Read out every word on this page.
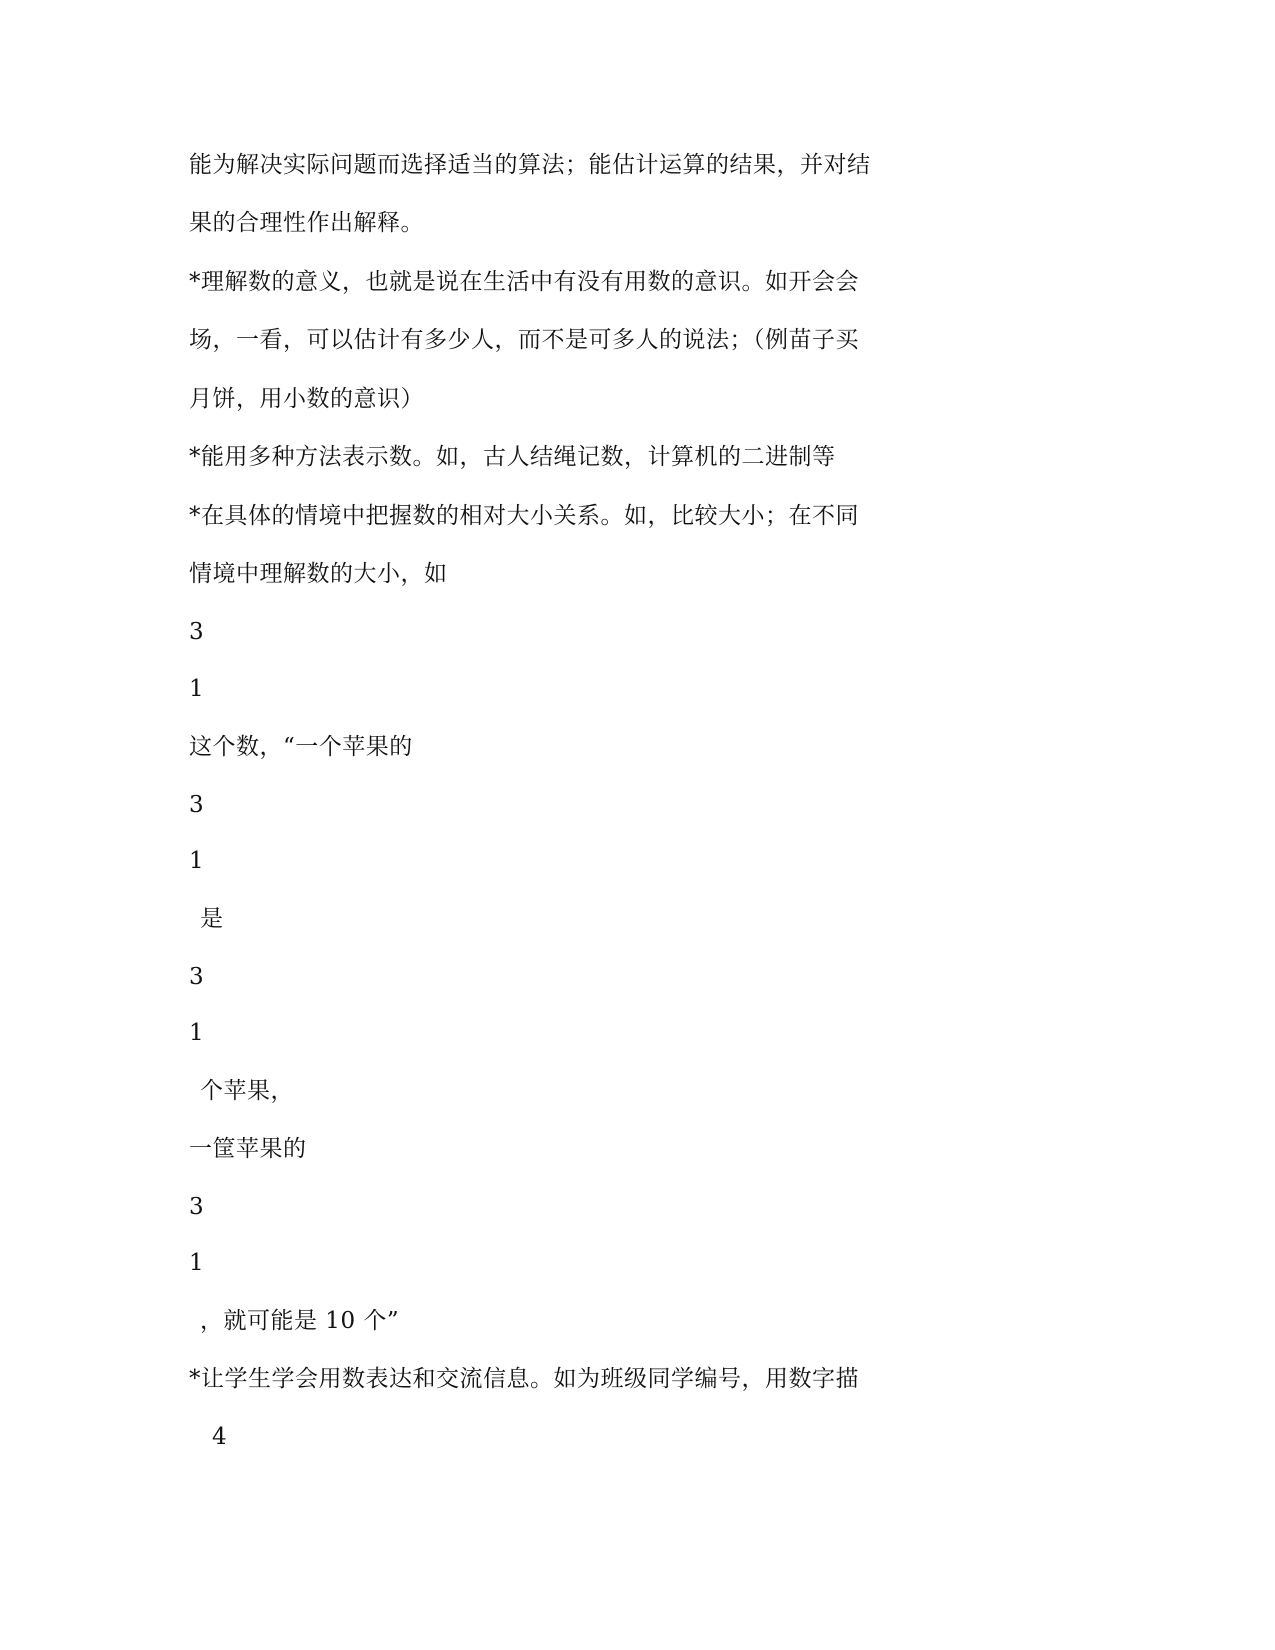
能为解决实际问题而选择适当的算法；能估计运算的结果，并对结
果的合理性作出解释。
*理解数的意义，也就是说在生活中有没有用数的意识。如开会会
场，一看，可以估计有多少人，而不是可多人的说法；（例苗子买
月饼，用小数的意识）
*能用多种方法表示数。如，古人结绳记数，计算机的二进制等
*在具体的情境中把握数的相对大小关系。如，比较大小；在不同
情境中理解数的大小，如
3
1
这个数，“一个苹果的
3
1
是
3
1
个苹果，
一筐苹果的
3
1
，就可能是 10 个”
*让学生学会用数表达和交流信息。如为班级同学编号，用数字描
4
